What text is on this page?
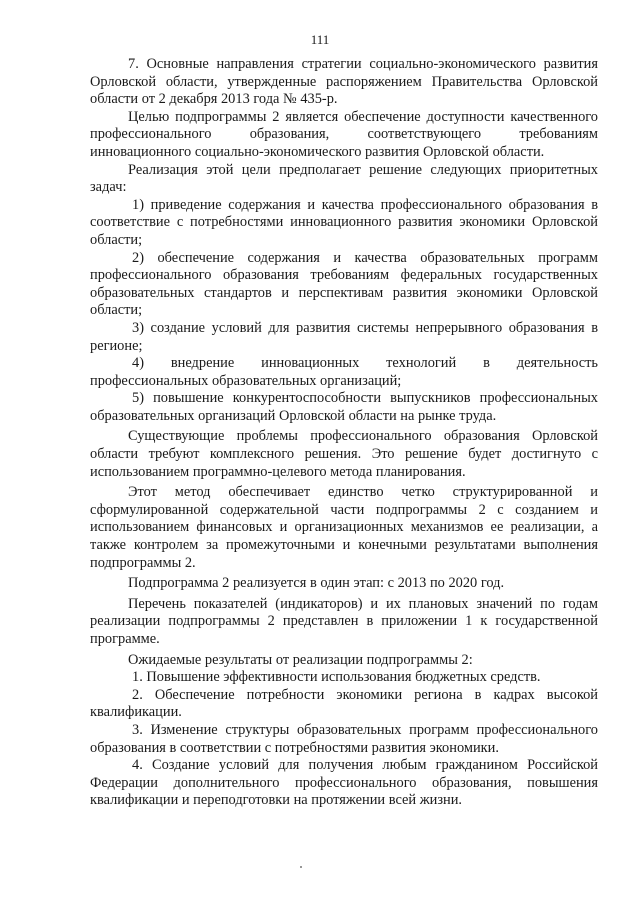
111

7. Основные направления стратегии социально-экономического развития Орловской области, утвержденные распоряжением Правительства Орловской области от 2 декабря 2013 года № 435-р.

Целью подпрограммы 2 является обеспечение доступности качественного профессионального образования, соответствующего требованиям инновационного социально-экономического развития Орловской области.

Реализация этой цели предполагает решение следующих приоритетных задач:

1) приведение содержания и качества профессионального образования в соответствие с потребностями инновационного развития экономики Орловской области;

2) обеспечение содержания и качества образовательных программ профессионального образования требованиям федеральных государственных образовательных стандартов и перспективам развития экономики Орловской области;

3) создание условий для развития системы непрерывного образования в регионе;

4) внедрение инновационных технологий в деятельность профессиональных образовательных организаций;

5) повышение конкурентоспособности выпускников профессиональных образовательных организаций Орловской области на рынке труда.

Существующие проблемы профессионального образования Орловской области требуют комплексного решения. Это решение будет достигнуто с использованием программно-целевого метода планирования.

Этот метод обеспечивает единство четко структурированной и сформулированной содержательной части подпрограммы 2 с созданием и использованием финансовых и организационных механизмов ее реализации, а также контролем за промежуточными и конечными результатами выполнения подпрограммы 2.

Подпрограмма 2 реализуется в один этап: с 2013 по 2020 год.

Перечень показателей (индикаторов) и их плановых значений по годам реализации подпрограммы 2 представлен в приложении 1 к государственной программе.

Ожидаемые результаты от реализации подпрограммы 2:

1. Повышение эффективности использования бюджетных средств.

2. Обеспечение потребности экономики региона в кадрах высокой квалификации.

3. Изменение структуры образовательных программ профессионального образования в соответствии с потребностями развития экономики.

4. Создание условий для получения любым гражданином Российской Федерации дополнительного профессионального образования, повышения квалификации и переподготовки на протяжении всей жизни.
